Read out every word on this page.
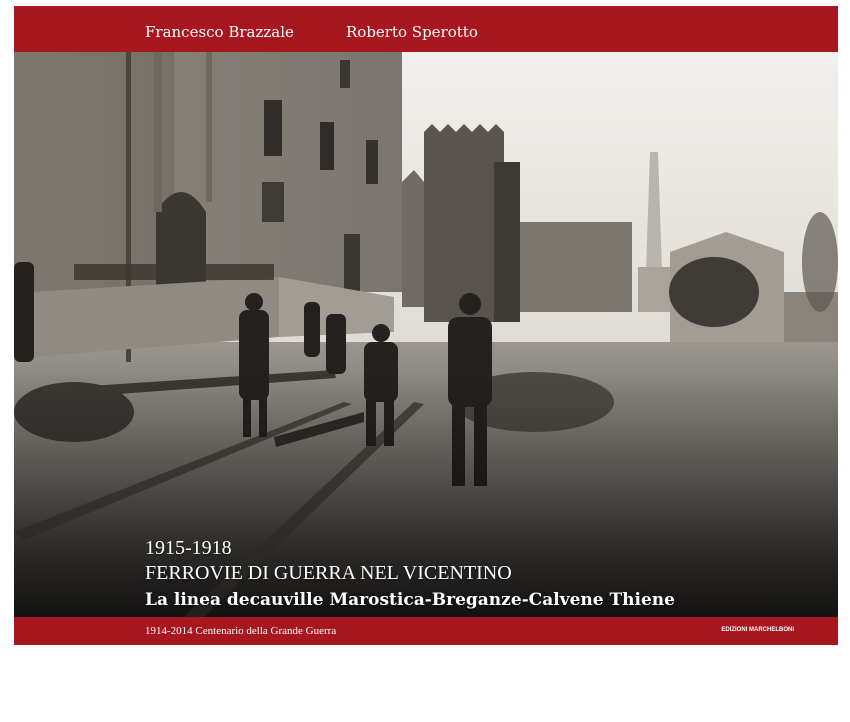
Francesco Brazzale	Roberto Sperotto
1915-1918
FERROVIE DI GUERRA NEL VICENTINO
La linea decauville Marostica-Breganze-Calvene Thiene
1914-2014 Centenario della Grande Guerra	EDIZIONI MARCHELBONI
